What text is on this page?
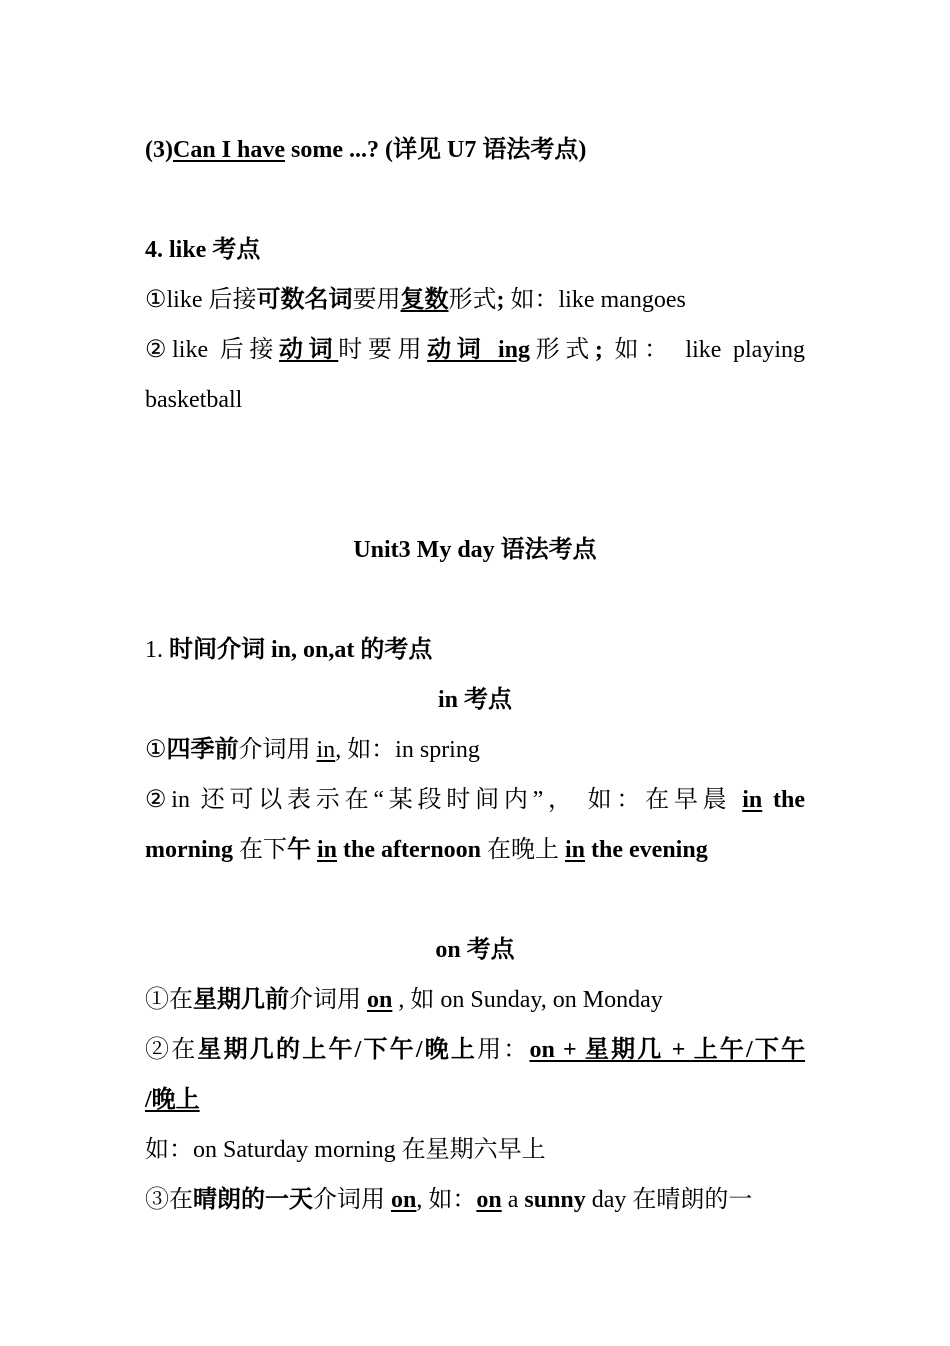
(3)Can I have some ...? (详见 U7 语法考点)
4. like 考点
①like 后接可数名词要用复数形式; 如：like mangoes
②like 后接动词时要用动词 ing形式; 如： like playing
basketball
Unit3 My day 语法考点
1. 时间介词 in, on,at 的考点
in 考点
①四季前介词用 in, 如：in spring
②in 还可以表示在“某段时间内”， 如：在早晨 in the
morning 在下午 in the afternoon 在晚上 in the evening
on 考点
①在星期几前介词用 on , 如 on Sunday, on Monday
②在星期几的上午/下午/晚上用：on + 星期几 + 上午/下午
/晚上
如：on Saturday morning 在星期六早上
③在晴朗的一天介词用 on, 如：on a sunny day 在晴朗的一
